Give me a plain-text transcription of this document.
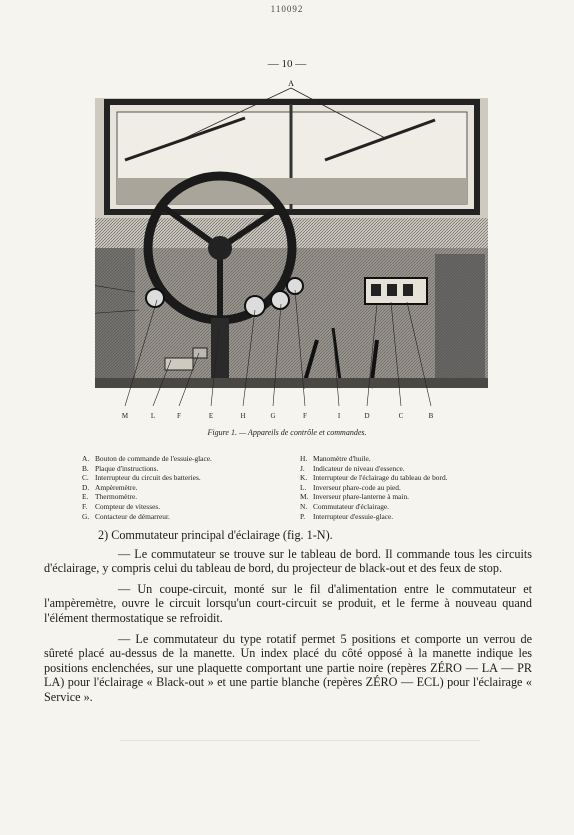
110092
— 10 —
A
M	L	F	E	H	G	F	I	D	C	B
Figure 1. — Appareils de contrôle et commandes.
A. Bouton de commande de l'essuie-glace.	H. Manomètre d'huile.
B. Plaque d'instructions.	J.	Indicateur de niveau d'essence.
C. Interrupteur du circuit des batteries.	K. Interrupteur de l'éclairage du tableau de bord.
D. Ampèremètre.	L. Inverseur phare-code au pied.
E. Thermomètre.	M. Inverseur phare-lanterne à main.
F.	Compteur de vitesses.	N. Commutateur d'éclairage.
G. Contacteur de démarreur.	P.	Interrupteur d'essuie-glace.

2) Commutateur principal d'éclairage (fig. 1-N).

— Le commutateur se trouve sur le tableau de bord. Il commande tous les circuits d'éclairage, y compris celui du tableau de bord, du projecteur de black-out et des feux de stop.

— Un coupe-circuit, monté sur le fil d'alimentation entre le commutateur et l'ampèremètre, ouvre le circuit lorsqu'un court-circuit se produit, et le ferme à nouveau quand l'élément thermostatique se refroidit.

— Le commutateur du type rotatif permet 5 positions et comporte un verrou de sûreté placé au-dessus de la manette. Un index placé du côté opposé à la manette indique les positions enclenchées, sur une plaquette comportant une partie noire (repères ZÉRO — LA — PR LA) pour l'éclairage « Black-out » et une partie blanche (repères ZÉRO — ECL) pour l'éclairage « Service ».
